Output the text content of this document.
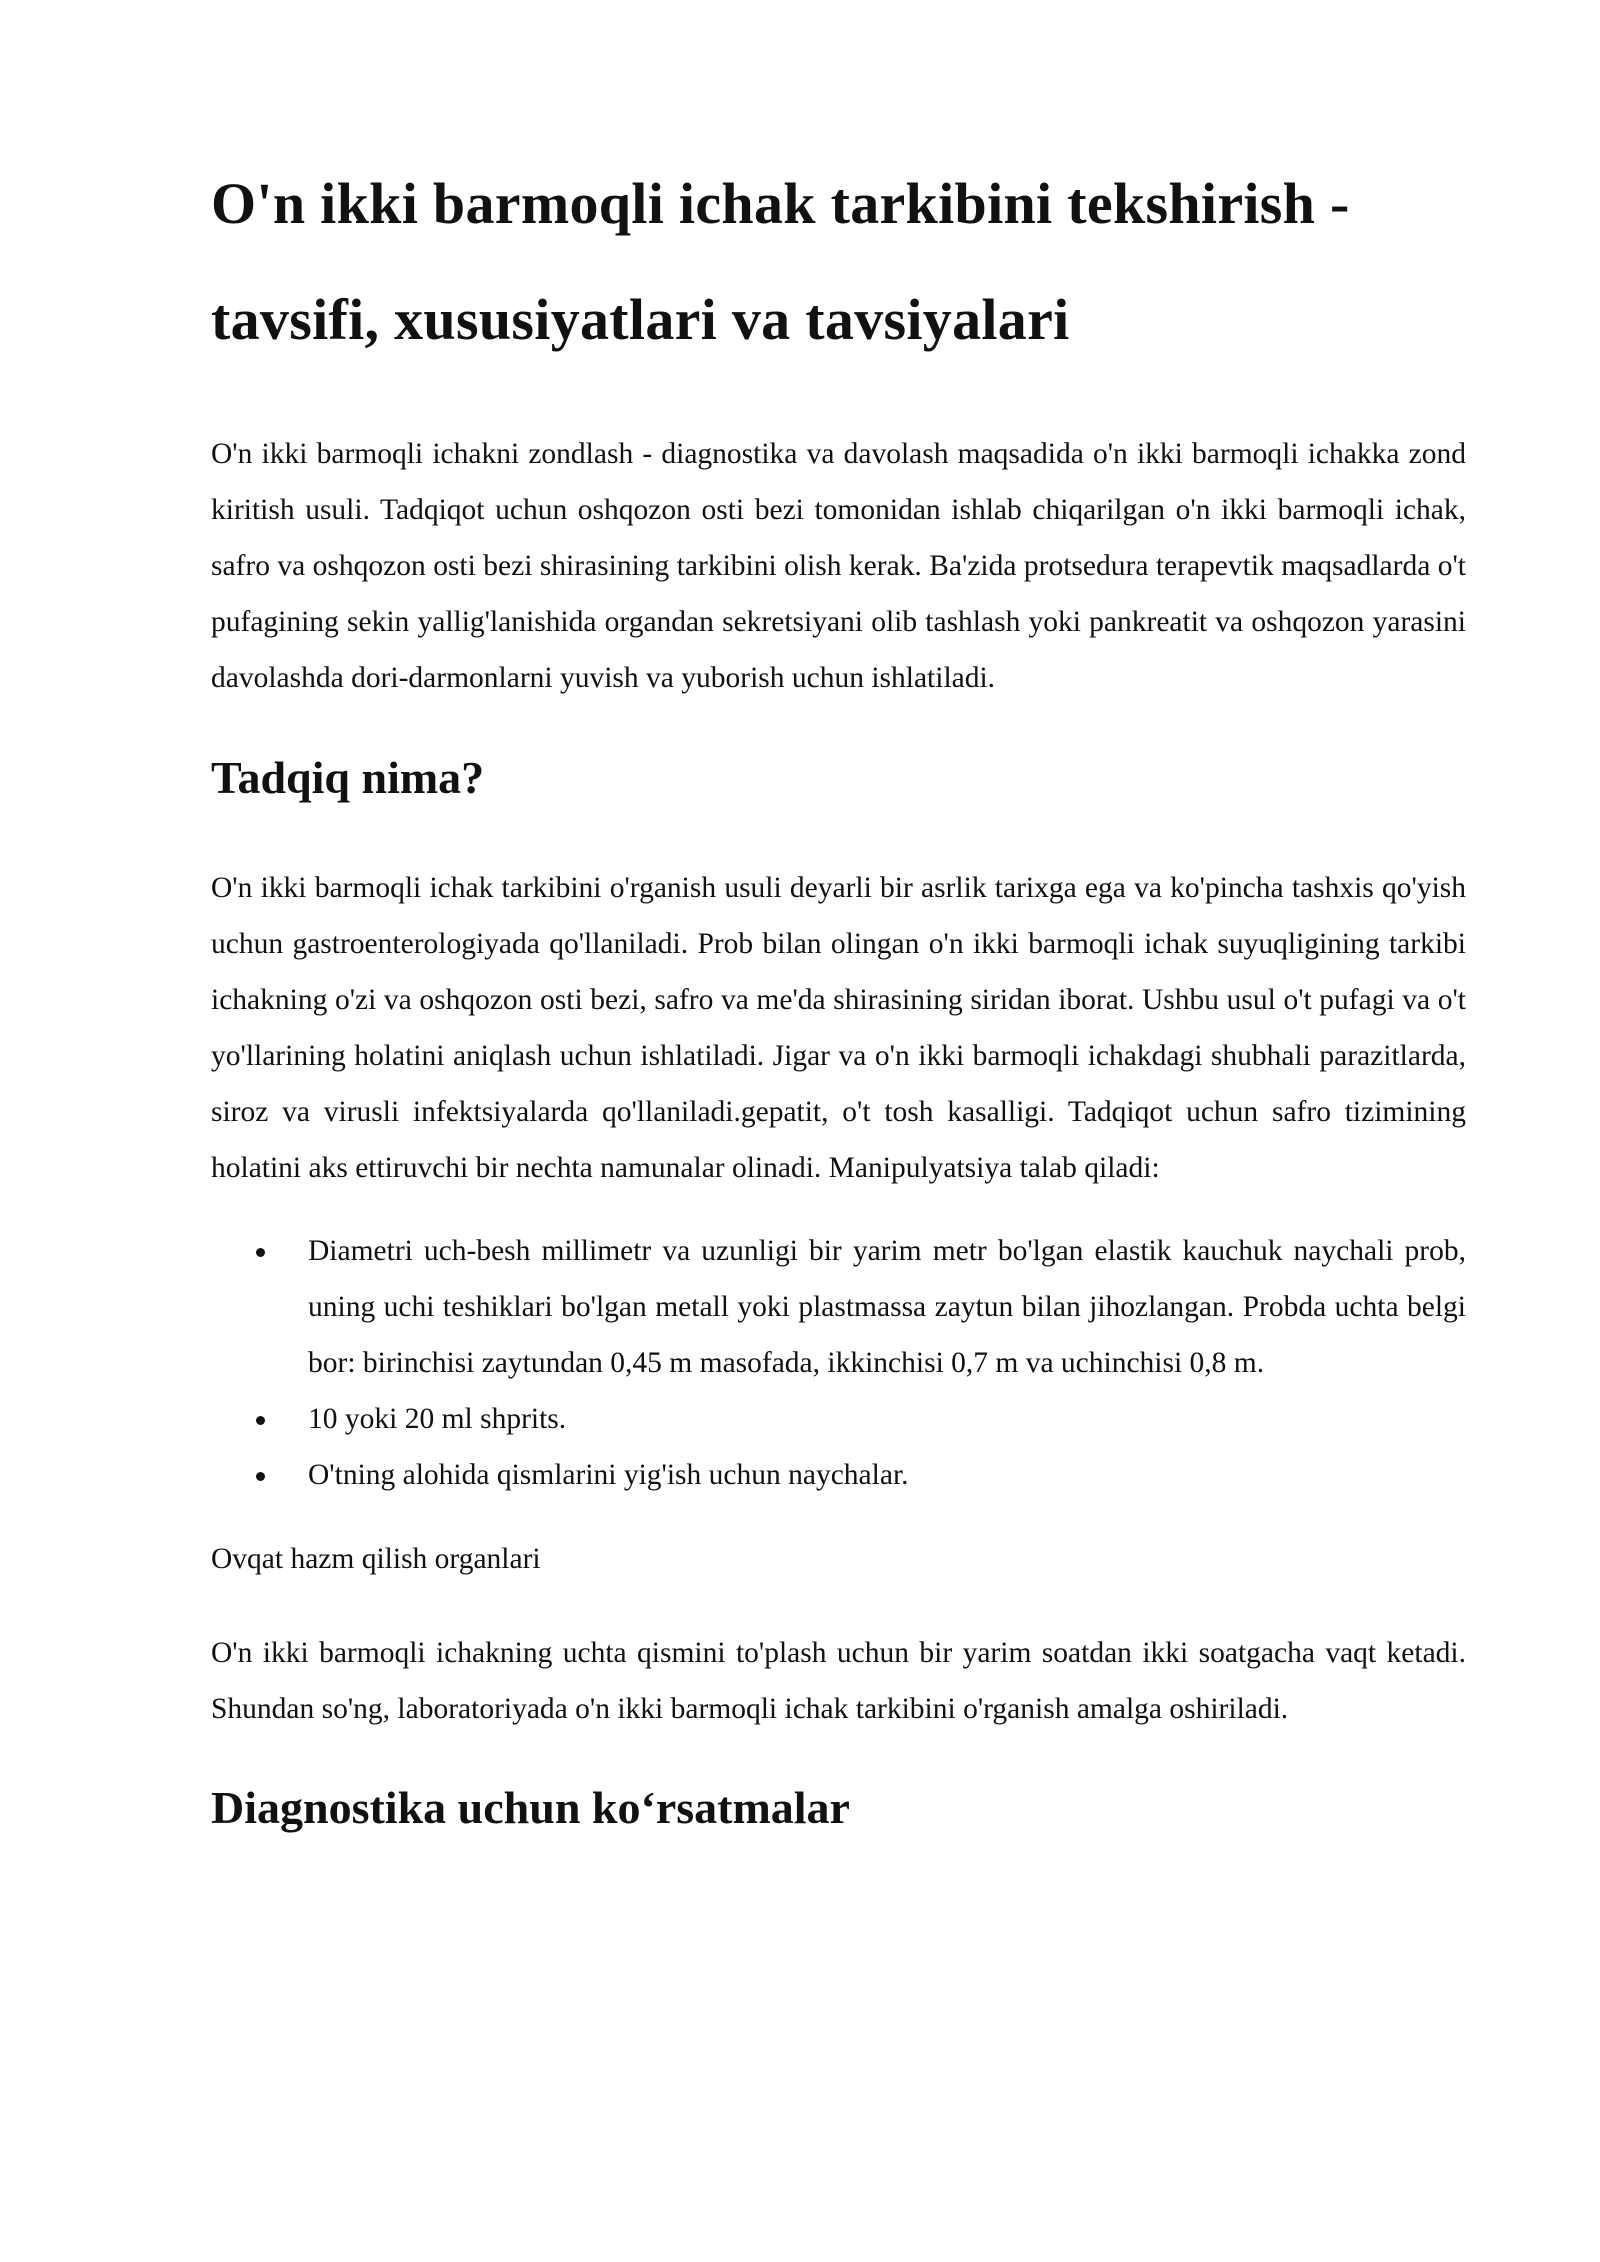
O'n ikki barmoqli ichak tarkibini tekshirish - tavsifi, xususiyatlari va tavsiyalari

O'n ikki barmoqli ichakni zondlash - diagnostika va davolash maqsadida o'n ikki barmoqli ichakka zond kiritish usuli. Tadqiqot uchun oshqozon osti bezi tomonidan ishlab chiqarilgan o'n ikki barmoqli ichak, safro va oshqozon osti bezi shirasining tarkibini olish kerak. Ba'zida protsedura terapevtik maqsadlarda o't pufagining sekin yallig'lanishida organdan sekretsiyani olib tashlash yoki pankreatit va oshqozon yarasini davolashda dori-darmonlarni yuvish va yuborish uchun ishlatiladi.

Tadqiq nima?

O'n ikki barmoqli ichak tarkibini o'rganish usuli deyarli bir asrlik tarixga ega va ko'pincha tashxis qo'yish uchun gastroenterologiyada qo'llaniladi. Prob bilan olingan o'n ikki barmoqli ichak suyuqligining tarkibi ichakning o'zi va oshqozon osti bezi, safro va me'da shirasining siridan iborat. Ushbu usul o't pufagi va o't yo'llarining holatini aniqlash uchun ishlatiladi. Jigar va o'n ikki barmoqli ichakdagi shubhali parazitlarda, siroz va virusli infektsiyalarda qo'llaniladi.gepatit, o't tosh kasalligi. Tadqiqot uchun safro tizimining holatini aks ettiruvchi bir nechta namunalar olinadi. Manipulyatsiya talab qiladi:

Diametri uch-besh millimetr va uzunligi bir yarim metr bo'lgan elastik kauchuk naychali prob, uning uchi teshiklari bo'lgan metall yoki plastmassa zaytun bilan jihozlangan. Probda uchta belgi bor: birinchisi zaytundan 0,45 m masofada, ikkinchisi 0,7 m va uchinchisi 0,8 m.
10 yoki 20 ml shprits.
O'tning alohida qismlarini yig'ish uchun naychalar.

Ovqat hazm qilish organlari

O'n ikki barmoqli ichakning uchta qismini to'plash uchun bir yarim soatdan ikki soatgacha vaqt ketadi. Shundan so'ng, laboratoriyada o'n ikki barmoqli ichak tarkibini o'rganish amalga oshiriladi.

Diagnostika uchun koʻrsatmalar
